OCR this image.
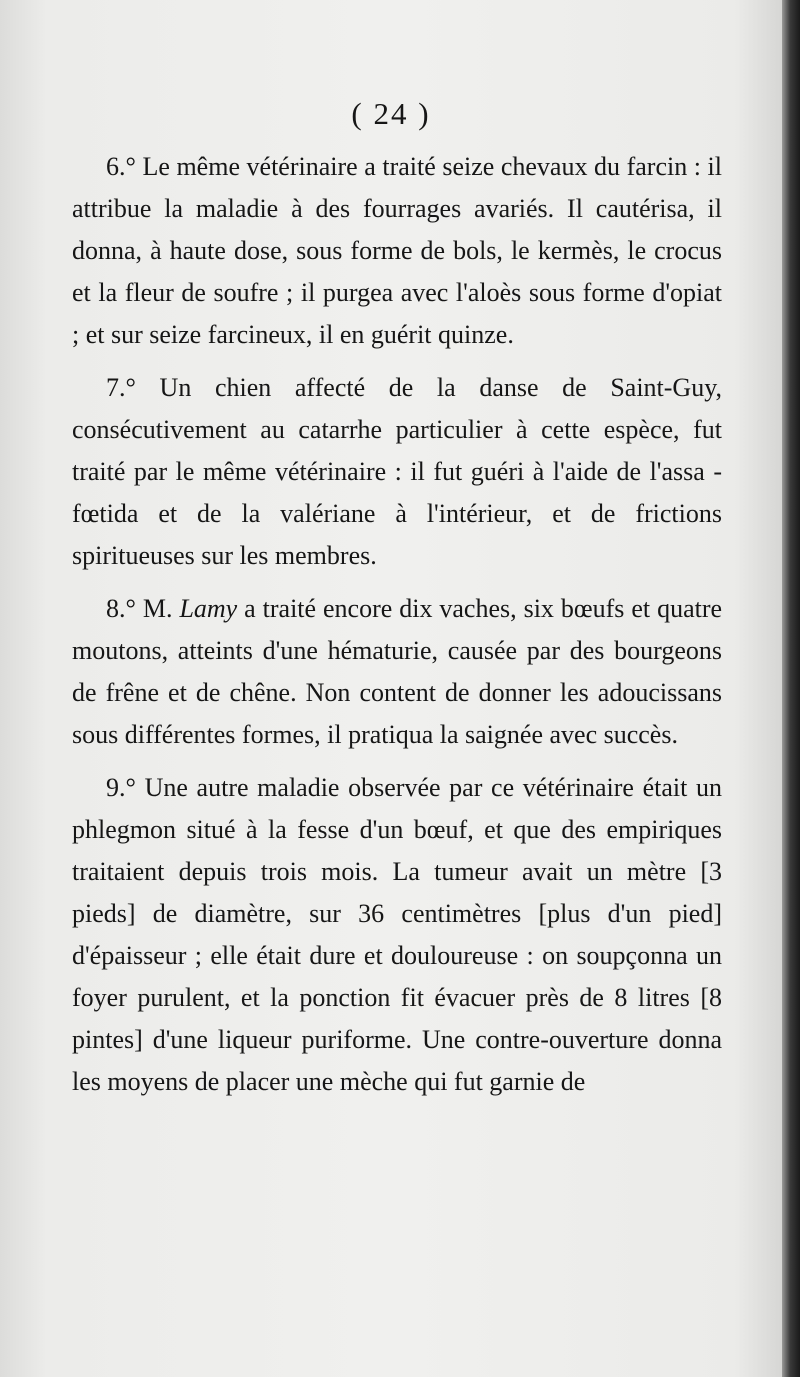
( 24 )

6.° Le même vétérinaire a traité seize chevaux du farcin : il attribue la maladie à des fourrages avariés. Il cautérisa, il donna, à haute dose, sous forme de bols, le kermès, le crocus et la fleur de soufre ; il purgea avec l'aloès sous forme d'opiat ; et sur seize farcineux, il en guérit quinze.

7.° Un chien affecté de la danse de Saint-Guy, consécutivement au catarrhe particulier à cette espèce, fut traité par le même vétérinaire : il fut guéri à l'aide de l'assa - fœtida et de la valériane à l'intérieur, et de frictions spiritueuses sur les membres.

8.° M. Lamy a traité encore dix vaches, six bœufs et quatre moutons, atteints d'une hématurie, causée par des bourgeons de frêne et de chêne. Non content de donner les adoucissans sous différentes formes, il pratiqua la saignée avec succès.

9.° Une autre maladie observée par ce vétérinaire était un phlegmon situé à la fesse d'un bœuf, et que des empiriques traitaient depuis trois mois. La tumeur avait un mètre [3 pieds] de diamètre, sur 36 centimètres [plus d'un pied] d'épaisseur ; elle était dure et douloureuse : on soupçonna un foyer purulent, et la ponction fit évacuer près de 8 litres [8 pintes] d'une liqueur puriforme. Une contre-ouverture donna les moyens de placer une mèche qui fut garnie de
